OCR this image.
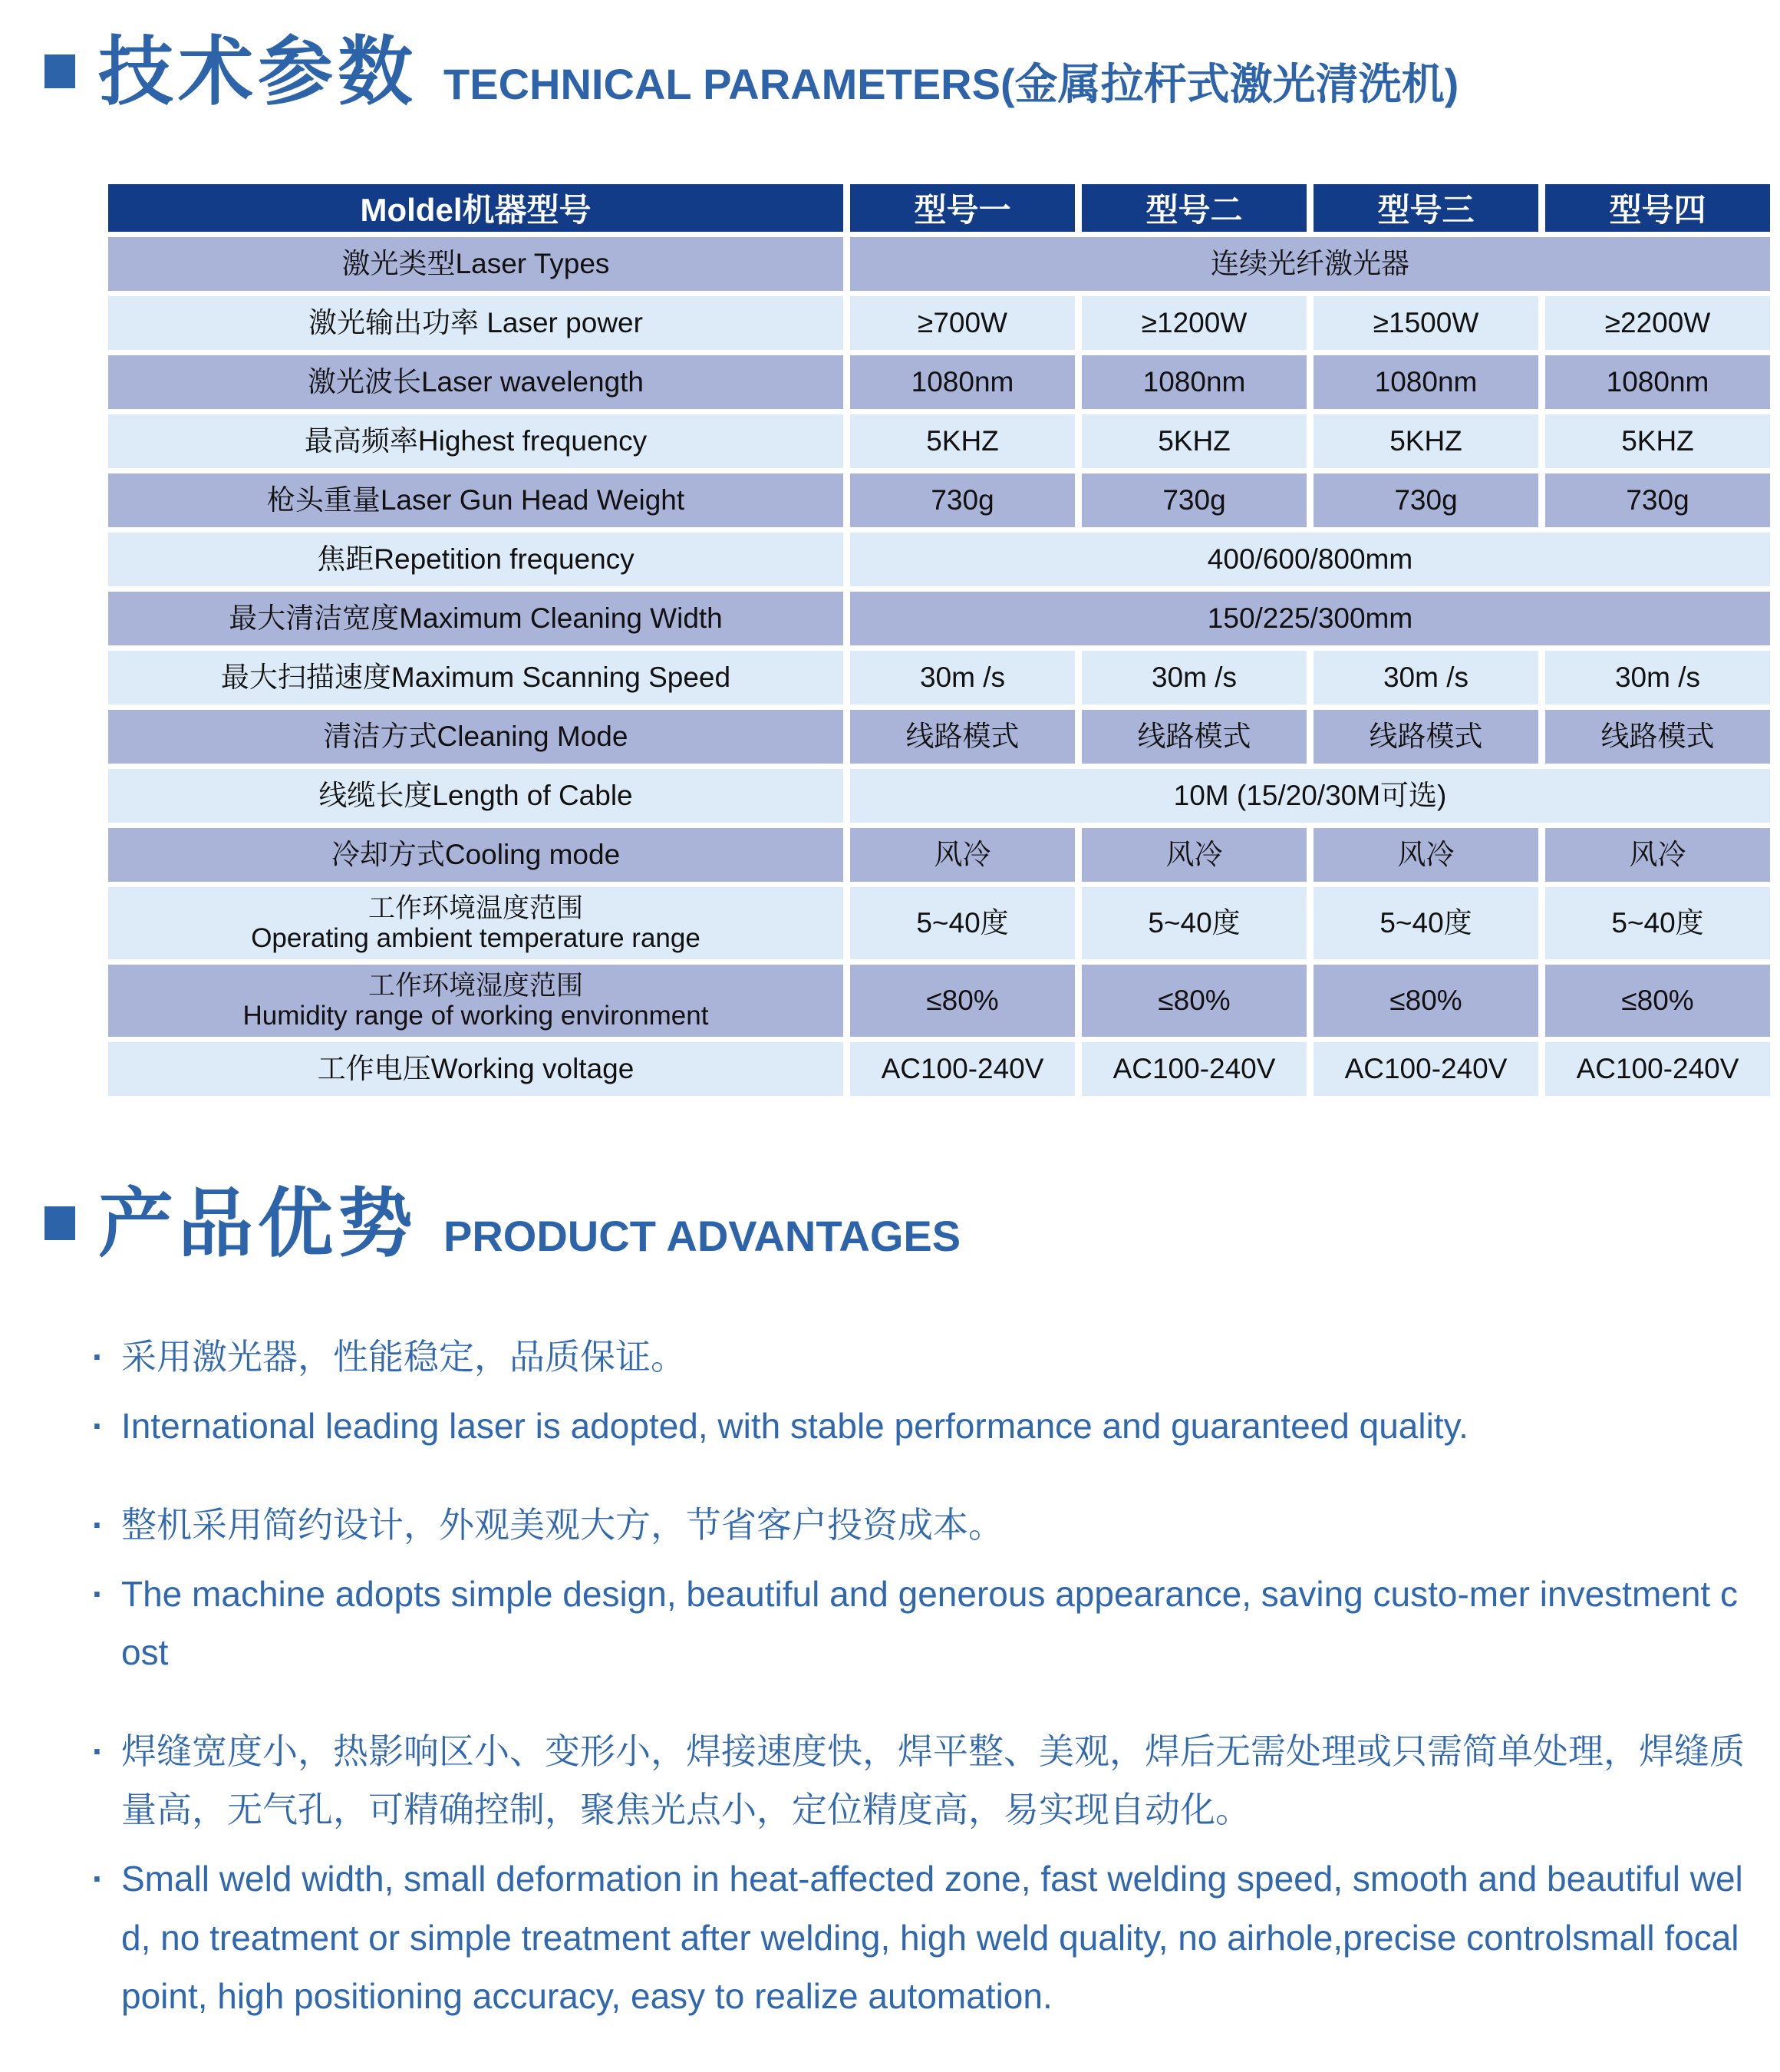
技术参数 TECHNICAL PARAMETERS(金属拉杆式激光清洗机)
Moldel机器型号	型号一	型号二	型号三	型号四
激光类型Laser Types	连续光纤激光器			
激光输出功率 Laser power	≥700W	≥1200W	≥1500W	≥2200W
激光波长Laser wavelength	1080nm	1080nm	1080nm	1080nm
最高频率Highest frequency	5KHZ	5KHZ	5KHZ	5KHZ
枪头重量Laser Gun Head Weight	730g	730g	730g	730g
焦距Repetition frequency	400/600/800mm			
最大清洁宽度Maximum Cleaning Width	150/225/300mm			
最大扫描速度Maximum Scanning Speed	30m /s	30m /s	30m /s	30m /s
清洁方式Cleaning Mode	线路模式	线路模式	线路模式	线路模式
线缆长度Length of Cable	10M (15/20/30M可选)			
冷却方式Cooling mode	风冷	风冷	风冷	风冷

工作环境温度范围
Operating ambient temperature range	5~40度	5~40度	5~40度	5~40度

工作环境湿度范围
Humidity range of working environment	≤80%	≤80%	≤80%	≤80%
工作电压Working voltage	AC100-240V	AC100-240V	AC100-240V	AC100-240V
产品优势 PRODUCT ADVANTAGES
· 采用激光器，性能稳定，品质保证。
· International leading laser is adopted, with stable performance and guaranteed quality.
· 整机采用简约设计，外观美观大方，节省客户投资成本。
· The machine adopts simple design, beautiful and generous appearance, saving custo-mer investment cost
· 焊缝宽度小，热影响区小、变形小，焊接速度快，焊平整、美观，焊后无需处理或只需简单处理，焊缝质量高，无气孔，可精确控制，聚焦光点小，定位精度高，易实现自动化。
· Small weld width, small deformation in heat-affected zone, fast welding speed, smooth and beautiful weld, no treatment or simple treatment after welding, high weld quality, no airhole,precise controlsmall focal point, high positioning accuracy, easy to realize automation.
